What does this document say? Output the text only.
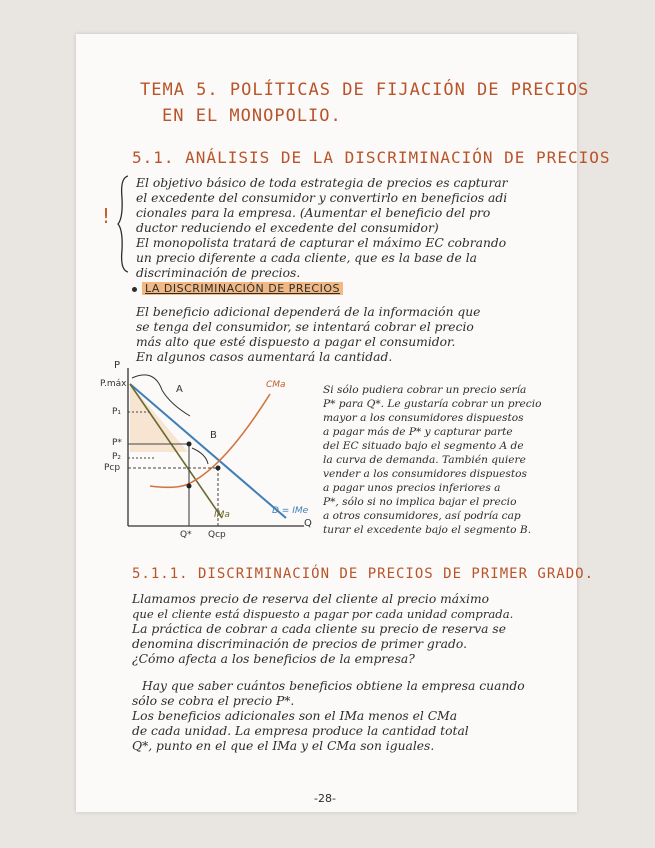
TEMA 5. POLÍTICAS DE FIJACIÓN DE PRECIOS
EN EL MONOPOLIO.
5.1. ANÁLISIS DE LA DISCRIMINACIÓN DE PRECIOS
!
El objetivo básico de toda estrategia de precios es capturar
el excedente del consumidor y convertirlo en beneficios adi
cionales para la empresa. (Aumentar el beneficio del pro
ductor reduciendo el excedente del consumidor)
El monopolista tratará de capturar el máximo EC cobrando
un precio diferente a cada cliente, que es la base de la
discriminación de precios.
LA DISCRIMINACIÓN DE PRECIOS
El beneficio adicional dependerá de la información que
se tenga del consumidor, se intentará cobrar el precio
más alto que esté dispuesto a pagar el consumidor.
En algunos casos aumentará la cantidad.
P
P.máx
P₁
P*
P₂
Pcp
Q* Qcp
Q
A
B
CMa
IMa	D = IMe
Si sólo pudiera cobrar un precio sería
P* para Q*. Le gustaría cobrar un precio
mayor a los consumidores dispuestos
a pagar más de P* y capturar parte
del EC situado bajo el segmento A de
la curva de demanda. También quiere
vender a los consumidores dispuestos
a pagar unos precios inferiores a
P*, sólo si no implica bajar el precio
a otros consumidores, así podría cap
turar el excedente bajo el segmento B.
5.1.1. DISCRIMINACIÓN DE PRECIOS DE PRIMER GRADO.
Llamamos precio de reserva del cliente al precio máximo
que el cliente está dispuesto a pagar por cada unidad comprada.
La práctica de cobrar a cada cliente su precio de reserva se
denomina discriminación de precios de primer grado.
¿Cómo afecta a los beneficios de la empresa?
Hay que saber cuántos beneficios obtiene la empresa cuando
sólo se cobra el precio P*.
Los beneficios adicionales son el IMa menos el CMa
de cada unidad. La empresa produce la cantidad total
Q*, punto en el que el IMa y el CMa son iguales.
-28-
